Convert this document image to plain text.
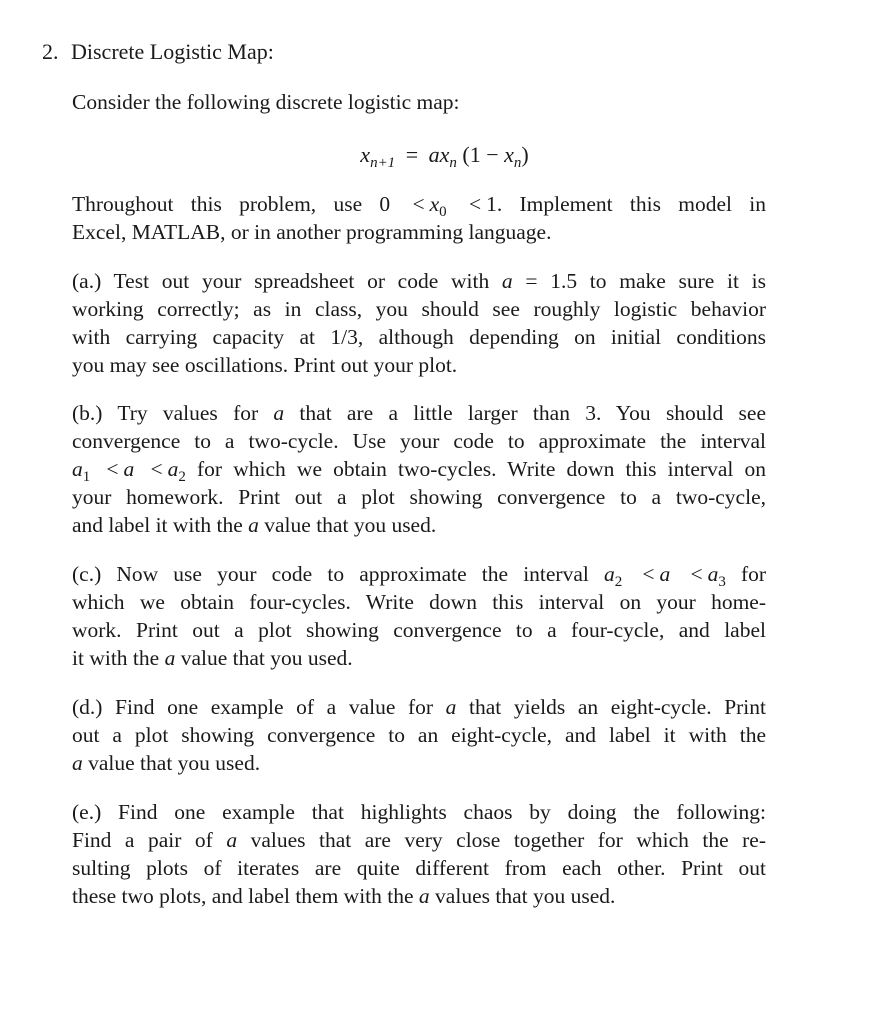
2. Discrete Logistic Map:
Consider the following discrete logistic map:
$x_{n+1} = ax_n$ $(1 - x_n)$
Throughout this problem, use $0 < x_0 < 1$. Implement this model in
Excel, MATLAB, or in another programming language.
(a.) Test out your spreadsheet or code with a = 1.5 to make sure it is
working correctly; as in class, you should see roughly logistic behavior
with carrying capacity at 1/3, although depending on initial conditions
you may see oscillations. Print out your plot.
(b.) Try values for a that are a little larger than 3. You should see
convergence to a two-cycle. Use your code to approximate the interval
$a_1 < a < a_2$ for which we obtain two-cycles. Write down this interval on
your homework. Print out a plot showing convergence to a two-cycle,
and label it with the a value that you used.
(c.) Now use your code to approximate the interval $a_2 < a < a_3$ for
which we obtain four-cycles. Write down this interval on your home-
work. Print out a plot showing convergence to a four-cycle, and label
it with the a value that you used.
(d.) Find one example of a value for a that yields an eight-cycle. Print
out a plot showing convergence to an eight-cycle, and label it with the
a value that you used.
(e.) Find one example that highlights chaos by doing the following:
Find a pair of a values that are very close together for which the re-
sulting plots of iterates are quite different from each other. Print out
these two plots, and label them with the a values that you used.
